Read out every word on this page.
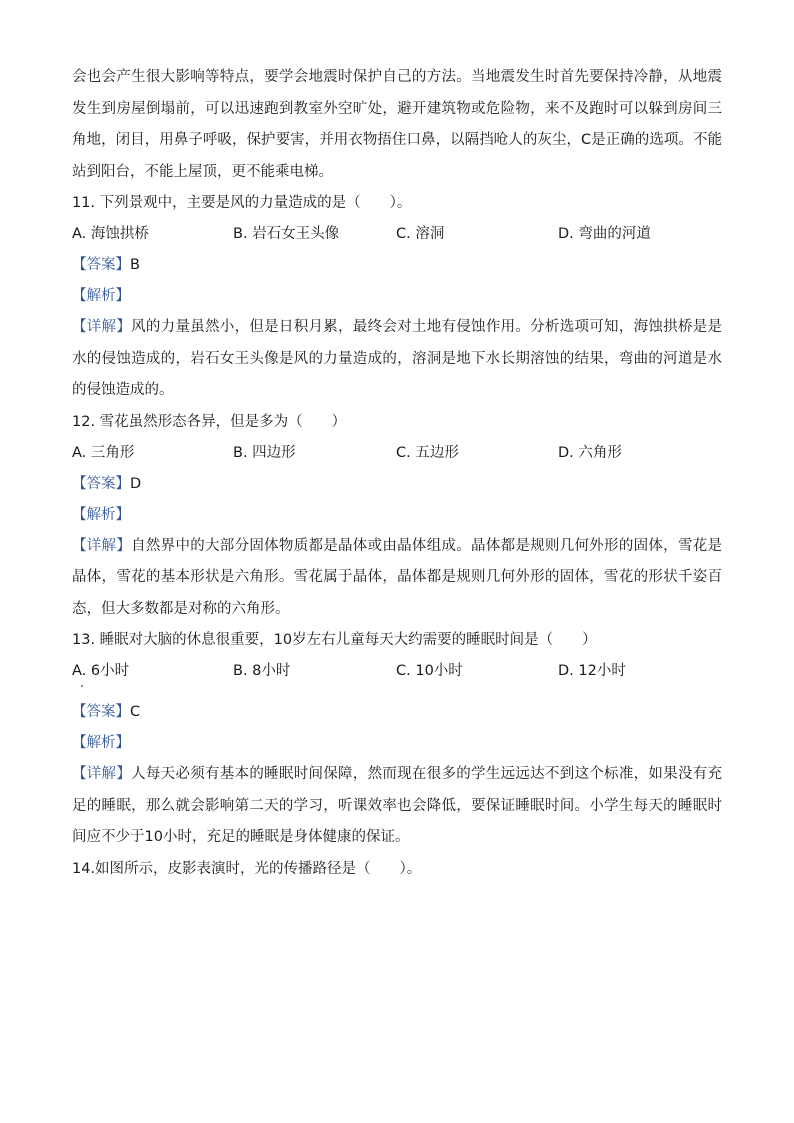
会也会产生很大影响等特点，要学会地震时保护自己的方法。当地震发生时首先要保持冷静，从地震发生到房屋倒塌前，可以迅速跑到教室外空旷处，避开建筑物或危险物，来不及跑时可以躲到房间三角地，闭目，用鼻子呼吸，保护要害，并用衣物捂住口鼻，以隔挡呛人的灰尘，C是正确的选项。不能站到阳台，不能上屋顶，更不能乘电梯。

11. 下列景观中，主要是风的力量造成的是（　　）。

A. 海蚀拱桥	B. 岩石女王头像	C. 溶洞	D. 弯曲的河道

【答案】B

【解析】

【详解】风的力量虽然小，但是日积月累，最终会对土地有侵蚀作用。分析选项可知，海蚀拱桥是是水的侵蚀造成的，岩石女王头像是风的力量造成的，溶洞是地下水长期溶蚀的结果，弯曲的河道是水的侵蚀造成的。

12. 雪花虽然形态各异，但是多为（　　）

A. 三角形	B. 四边形	C. 五边形	D. 六角形

【答案】D

【解析】

【详解】自然界中的大部分固体物质都是晶体或由晶体组成。晶体都是规则几何外形的固体，雪花是晶体，雪花的基本形状是六角形。雪花属于晶体，晶体都是规则几何外形的固体，雪花的形状千姿百态，但大多数都是对称的六角形。

13. 睡眠对大脑的休息很重要，10岁左右儿童每天大约需要的睡眠时间是（　　）

A. 6小时	B. 8小时	C. 10小时	D. 12小时

【答案】C

【解析】

【详解】人每天必须有基本的睡眠时间保障，然而现在很多的学生远远达不到这个标准，如果没有充足的睡眠，那么就会影响第二天的学习，听课效率也会降低，要保证睡眠时间。小学生每天的睡眠时间应不少于10小时，充足的睡眠是身体健康的保证。

14.如图所示，皮影表演时，光的传播路径是（　　）。
